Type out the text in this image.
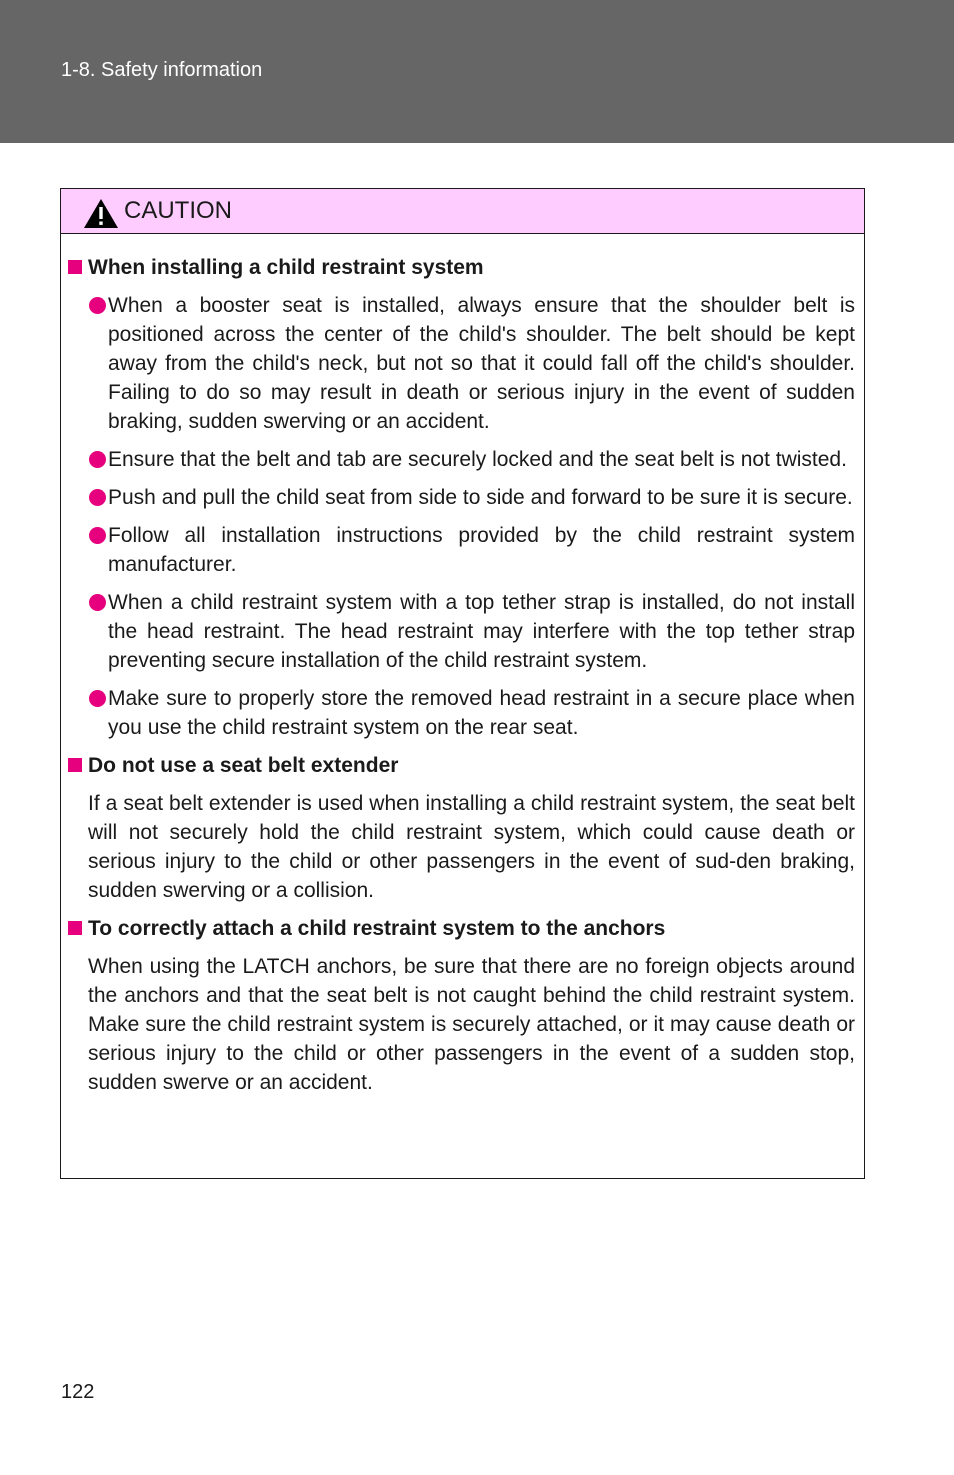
1-8. Safety information
CAUTION
When installing a child restraint system
When a booster seat is installed, always ensure that the shoulder belt is positioned across the center of the child's shoulder. The belt should be kept away from the child's neck, but not so that it could fall off the child's shoulder. Failing to do so may result in death or serious injury in the event of sudden braking, sudden swerving or an accident.
Ensure that the belt and tab are securely locked and the seat belt is not twisted.
Push and pull the child seat from side to side and forward to be sure it is secure.
Follow all installation instructions provided by the child restraint system manufacturer.
When a child restraint system with a top tether strap is installed, do not install the head restraint. The head restraint may interfere with the top tether strap preventing secure installation of the child restraint system.
Make sure to properly store the removed head restraint in a secure place when you use the child restraint system on the rear seat.
Do not use a seat belt extender
If a seat belt extender is used when installing a child restraint system, the seat belt will not securely hold the child restraint system, which could cause death or serious injury to the child or other passengers in the event of sud-den braking, sudden swerving or a collision.
To correctly attach a child restraint system to the anchors
When using the LATCH anchors, be sure that there are no foreign objects around the anchors and that the seat belt is not caught behind the child restraint system. Make sure the child restraint system is securely attached, or it may cause death or serious injury to the child or other passengers in the event of a sudden stop, sudden swerve or an accident.
122
